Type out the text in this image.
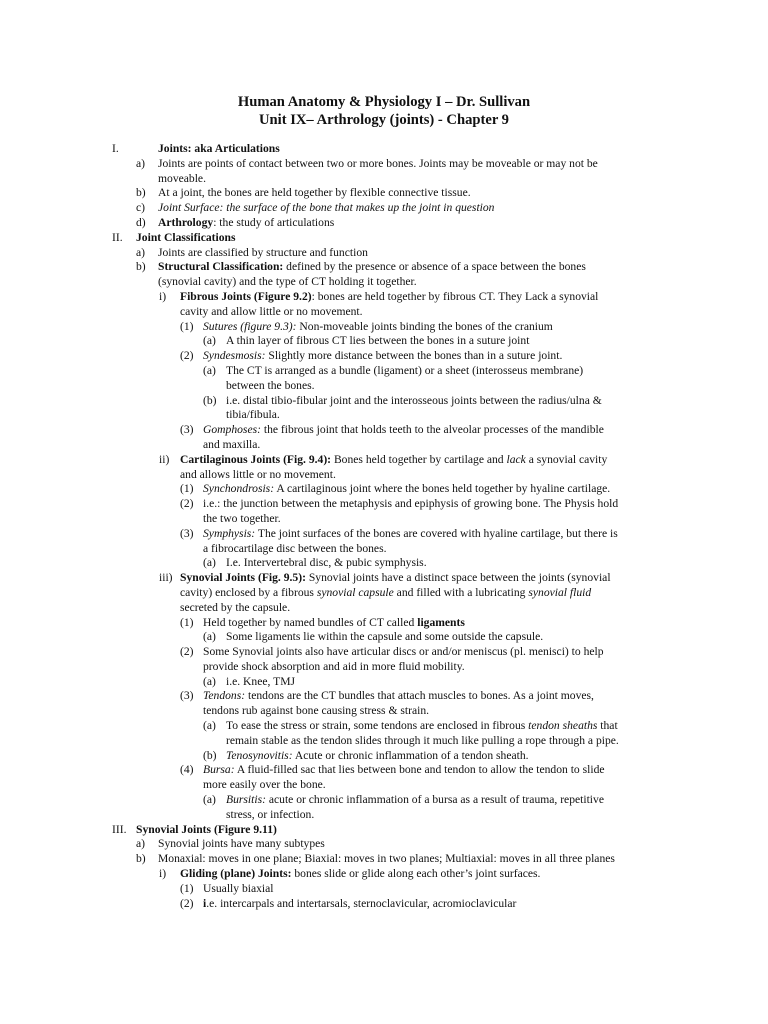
Human Anatomy & Physiology I – Dr. Sullivan
Unit IX– Arthrology (joints) - Chapter 9
I.	Joints: aka Articulations
a) Joints are points of contact between two or more bones. Joints may be moveable or may not be
moveable.
b) At a joint, the bones are held together by flexible connective tissue.
c) Joint Surface: the surface of the bone that makes up the joint in question
d) Arthrology: the study of articulations
II. Joint Classifications
a) Joints are classified by structure and function
b) Structural Classification: defined by the presence or absence of a space between the bones
(synovial cavity) and the type of CT holding it together.
i) Fibrous Joints (Figure 9.2): bones are held together by fibrous CT. They Lack a synovial
cavity and allow little or no movement.
(1) Sutures (figure 9.3): Non-moveable joints binding the bones of the cranium
(a) A thin layer of fibrous CT lies between the bones in a suture joint
(2) Syndesmosis: Slightly more distance between the bones than in a suture joint.
(a) The CT is arranged as a bundle (ligament) or a sheet (interosseus membrane)
between the bones.
(b) i.e. distal tibio-fibular joint and the interosseous joints between the radius/ulna &
tibia/fibula.
(3) Gomphoses: the fibrous joint that holds teeth to the alveolar processes of the mandible
and maxilla.
ii) Cartilaginous Joints (Fig. 9.4): Bones held together by cartilage and lack a synovial cavity
and allows little or no movement.
(1) Synchondrosis: A cartilaginous joint where the bones held together by hyaline cartilage.
(2) i.e.: the junction between the metaphysis and epiphysis of growing bone. The Physis hold
the two together.
(3) Symphysis: The joint surfaces of the bones are covered with hyaline cartilage, but there is
a fibrocartilage disc between the bones.
(a) I.e. Intervertebral disc, & pubic symphysis.
iii) Synovial Joints (Fig. 9.5): Synovial joints have a distinct space between the joints (synovial
cavity) enclosed by a fibrous synovial capsule and filled with a lubricating synovial fluid
secreted by the capsule.
(1) Held together by named bundles of CT called ligaments
(a) Some ligaments lie within the capsule and some outside the capsule.
(2) Some Synovial joints also have articular discs or and/or meniscus (pl. menisci) to help
provide shock absorption and aid in more fluid mobility.
(a) i.e. Knee, TMJ
(3) Tendons: tendons are the CT bundles that attach muscles to bones. As a joint moves,
tendons rub against bone causing stress & strain.
(a) To ease the stress or strain, some tendons are enclosed in fibrous tendon sheaths that
remain stable as the tendon slides through it much like pulling a rope through a pipe.
(b) Tenosynovitis: Acute or chronic inflammation of a tendon sheath.
(4) Bursa: A fluid-filled sac that lies between bone and tendon to allow the tendon to slide
more easily over the bone.
(a) Bursitis: acute or chronic inflammation of a bursa as a result of trauma, repetitive
stress, or infection.
III. Synovial Joints (Figure 9.11)
a) Synovial joints have many subtypes
b) Monaxial: moves in one plane; Biaxial: moves in two planes; Multiaxial: moves in all three planes
i) Gliding (plane) Joints: bones slide or glide along each other’s joint surfaces.
(1) Usually biaxial
(2) i.e. intercarpals and intertarsals, sternoclavicular, acromioclavicular
